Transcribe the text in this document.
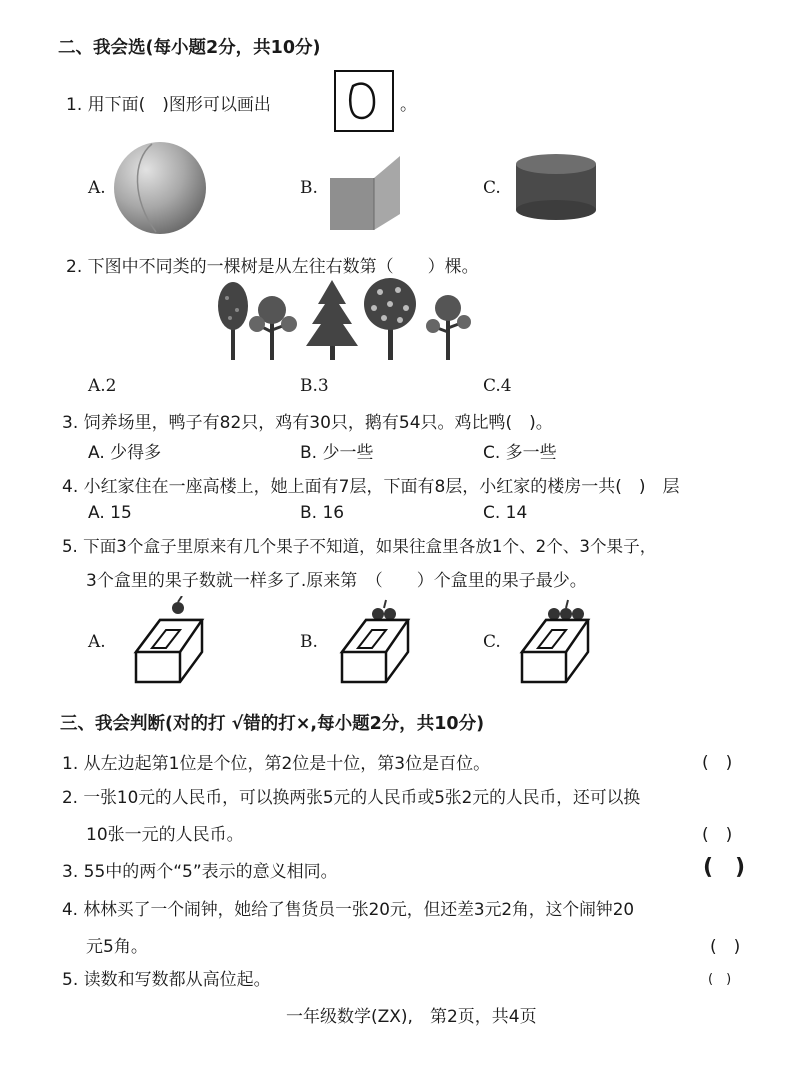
二、我会选(每小题2分，共10分)
1. 用下面(　)图形可以画出	。
A.	B.	C.
2. 下图中不同类的一棵树是从左往右数第（　　）棵。
A.2	B.3	C.4
3. 饲养场里，鸭子有82只，鸡有30只，鹅有54只。鸡比鸭(　)。
A. 少得多	B. 少一些	C. 多一些
4. 小红家住在一座高楼上，她上面有7层，下面有8层，小红家的楼房一共(　)　层
A. 15	B. 16	C. 14
5. 下面3个盒子里原来有几个果子不知道，如果往盒里各放1个、2个、3个果子，
3个盒里的果子数就一样多了.原来第　（　　）个盒里的果子最少。
A.	B.	C.
三、我会判断(对的打 √错的打×,每小题2分，共10分)
1. 从左边起第1位是个位，第2位是十位，第3位是百位。	(　)
2. 一张10元的人民币，可以换两张5元的人民币或5张2元的人民币，还可以换
10张一元的人民币。	(　)
3. 55中的两个“5”表示的意义相同。	(　)
4. 林林买了一个闹钟，她给了售货员一张20元，但还差3元2角，这个闹钟20
元5角。	(　)
5. 读数和写数都从高位起。	(　)
一年级数学(ZX),　第2页，共4页
